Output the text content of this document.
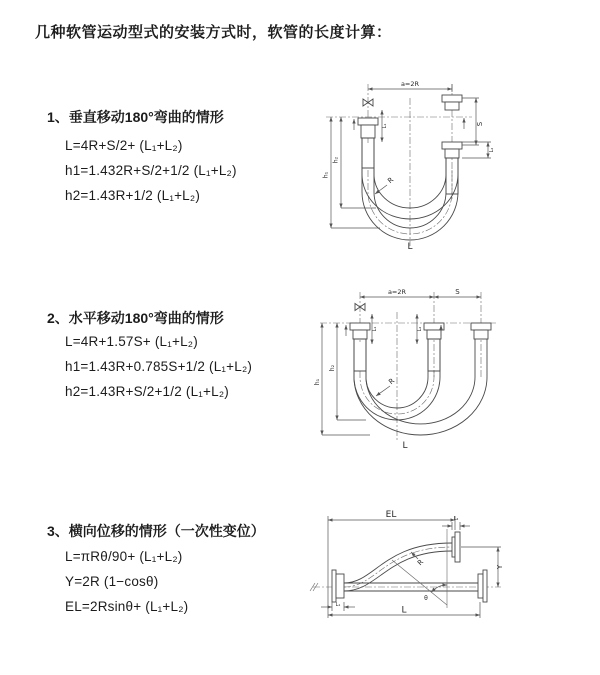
几种软管运动型式的安装方式时，软管的长度计算：
1、垂直移动180°弯曲的情形
L=4R+S/2+ (L₁+L₂)
h1=1.432R+S/2+1/2 (L₁+L₂)
h2=1.43R+1/2 (L₁+L₂)
2、水平移动180°弯曲的情形
L=4R+1.57S+ (L₁+L₂)
h1=1.43R+0.785S+1/2 (L₁+L₂)
h2=1.43R+S/2+1/2 (L₁+L₂)
3、横向位移的情形（一次性变位）
L=πRθ/90+ (L₁+L₂)
Y=2R (1−cosθ)
EL=2Rsinθ+ (L₁+L₂)
a=2R
S
h₁
h₂
L₁
L₂
R
L
a=2R	S
h₁
h₂
L₁	L₂
R
L
EL	L₂
Y
L
L₁
R
θ
